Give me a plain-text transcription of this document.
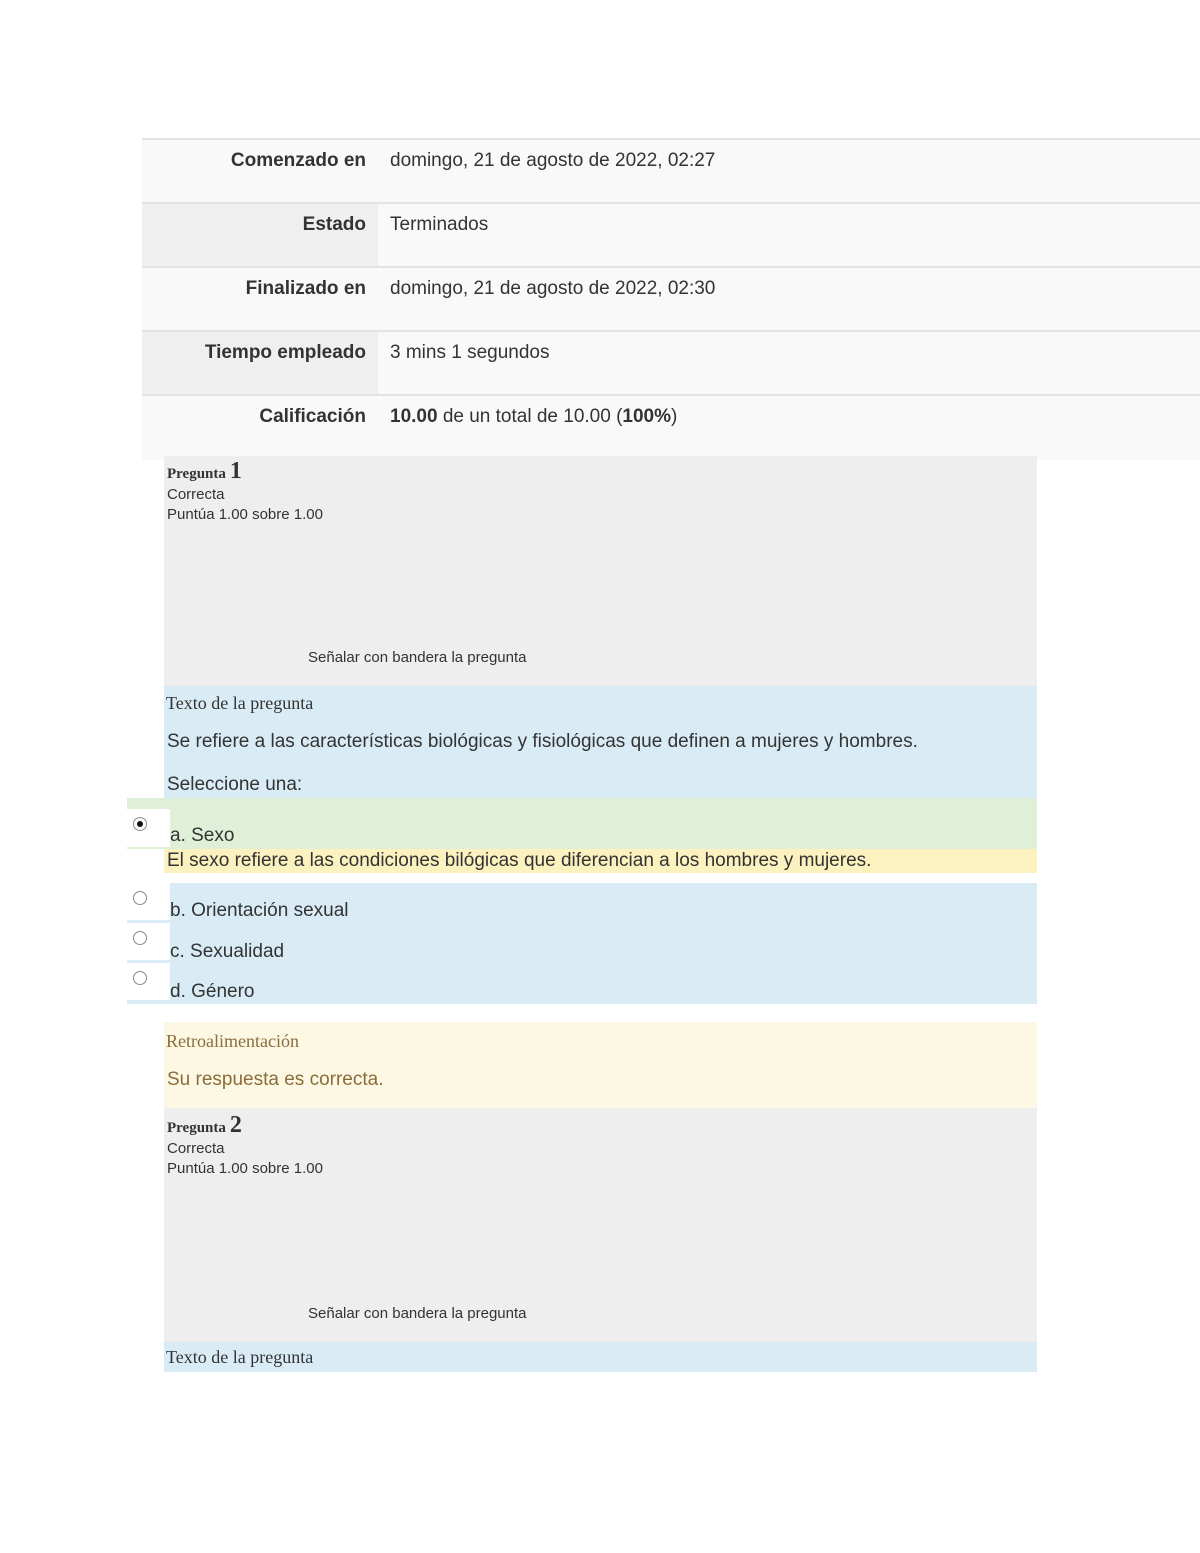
Comenzado en	domingo, 21 de agosto de 2022, 02:27
Estado	Terminados
Finalizado en	domingo, 21 de agosto de 2022, 02:30
Tiempo empleado	3 mins 1 segundos
Calificación	10.00 de un total de 10.00 (100%)
Pregunta 1
Correcta
Puntúa 1.00 sobre 1.00
Señalar con bandera la pregunta
Texto de la pregunta
Se refiere a las características biológicas y fisiológicas que definen a mujeres y hombres.
Seleccione una:
a. Sexo
El sexo refiere a las condiciones bilógicas que diferencian a los hombres y mujeres.
b. Orientación sexual
c. Sexualidad
d. Género
Retroalimentación
Su respuesta es correcta.
Pregunta 2
Correcta
Puntúa 1.00 sobre 1.00
Señalar con bandera la pregunta
Texto de la pregunta
